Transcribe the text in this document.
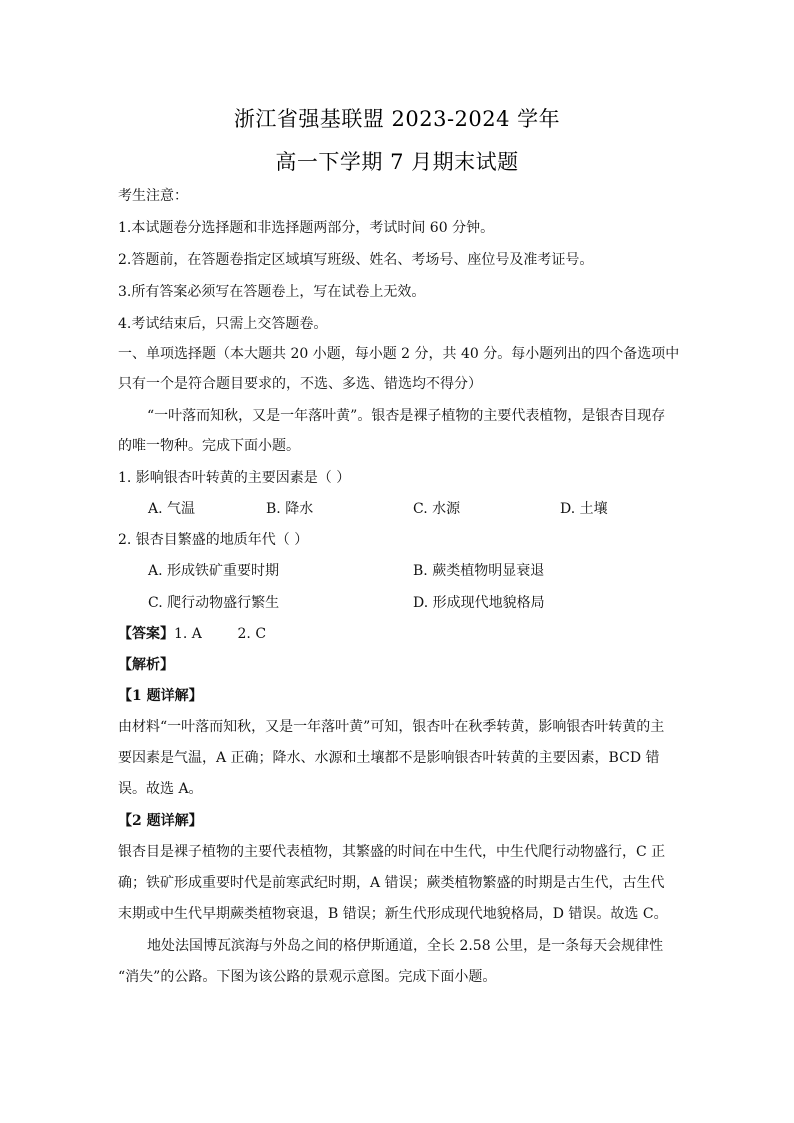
浙江省强基联盟 2023-2024 学年
高一下学期 7 月期末试题
考生注意：
1.本试题卷分选择题和非选择题两部分，考试时间 60 分钟。
2.答题前，在答题卷指定区域填写班级、姓名、考场号、座位号及准考证号。
3.所有答案必须写在答题卷上，写在试卷上无效。
4.考试结束后，只需上交答题卷。
一、单项选择题（本大题共 20 小题，每小题 2 分，共 40 分。每小题列出的四个备选项中
只有一个是符合题目要求的，不选、多选、错选均不得分）
“一叶落而知秋，又是一年落叶黄”。银杏是裸子植物的主要代表植物，是银杏目现存
的唯一物种。完成下面小题。
1. 影响银杏叶转黄的主要因素是（ ）
A. 气温	B. 降水	C. 水源	D. 土壤
2. 银杏目繁盛的地质年代（ ）
A. 形成铁矿重要时期	B. 蕨类植物明显衰退
C. 爬行动物盛行繁生	D. 形成现代地貌格局
【答案】1. A        2. C
【解析】
【1 题详解】
由材料“一叶落而知秋，又是一年落叶黄”可知，银杏叶在秋季转黄，影响银杏叶转黄的主
要因素是气温，A 正确；降水、水源和土壤都不是影响银杏叶转黄的主要因素，BCD 错
误。故选 A。
【2 题详解】
银杏目是裸子植物的主要代表植物，其繁盛的时间在中生代，中生代爬行动物盛行，C 正
确；铁矿形成重要时代是前寒武纪时期，A 错误；蕨类植物繁盛的时期是古生代，古生代
末期或中生代早期蕨类植物衰退，B 错误；新生代形成现代地貌格局，D 错误。故选 C。
地处法国博瓦滨海与外岛之间的格伊斯通道，全长 2.58 公里，是一条每天会规律性
“消失”的公路。下图为该公路的景观示意图。完成下面小题。
